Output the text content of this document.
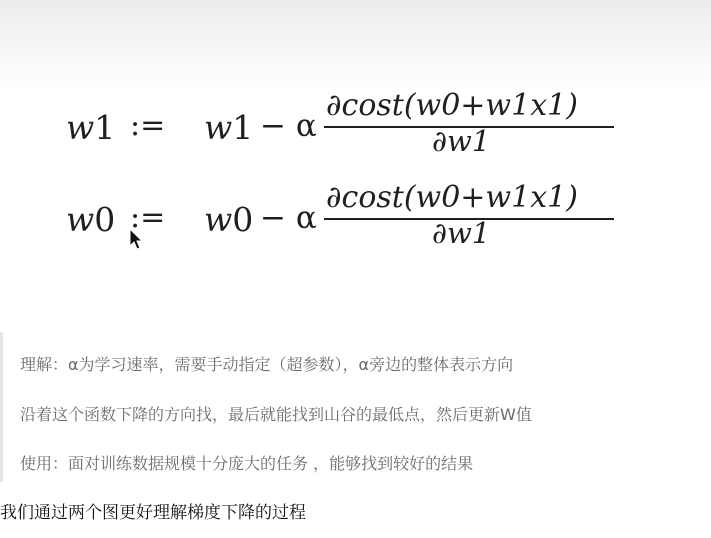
w1 := w1 − α
∂cost(w0+w1x1)
∂w1
w0 := w0 − α
∂cost(w0+w1x1)
∂w1
理解：α为学习速率，需要手动指定（超参数），α旁边的整体表示方向
沿着这个函数下降的方向找，最后就能找到山谷的最低点，然后更新W值
使用：面对训练数据规模十分庞大的任务 ，能够找到较好的结果
我们通过两个图更好理解梯度下降的过程
